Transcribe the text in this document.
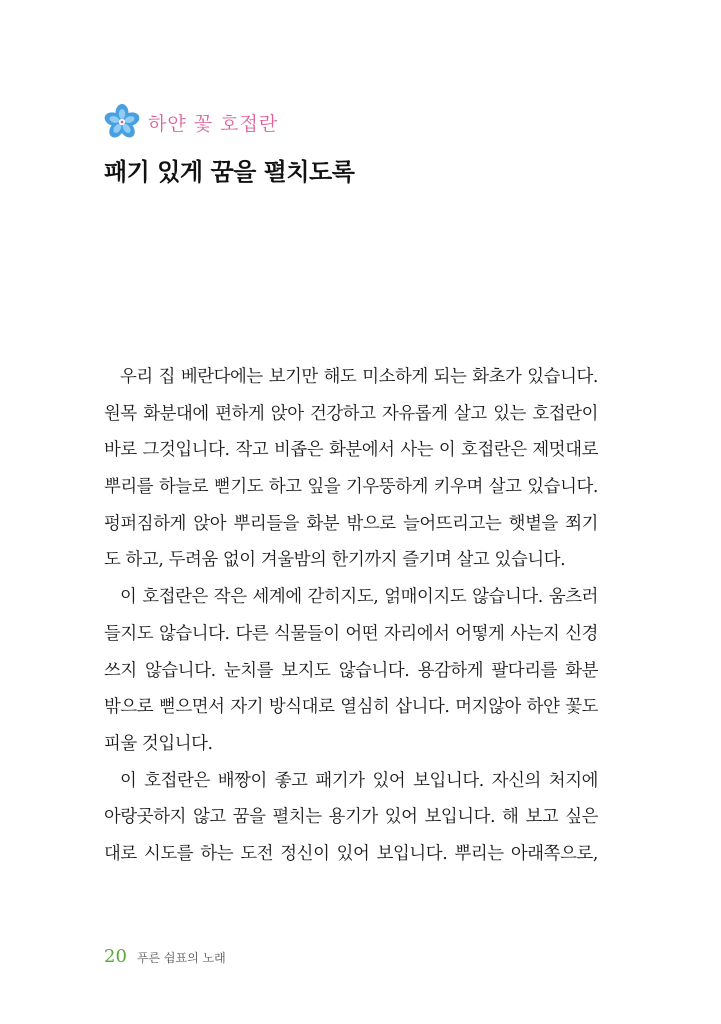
하얀 꽃 호접란
패기 있게 꿈을 펼치도록
우리 집 베란다에는 보기만 해도 미소하게 되는 화초가 있습니다.
원목 화분대에 편하게 앉아 건강하고 자유롭게 살고 있는 호접란이
바로 그것입니다. 작고 비좁은 화분에서 사는 이 호접란은 제멋대로
뿌리를 하늘로 뻗기도 하고 잎을 기우뚱하게 키우며 살고 있습니다.
펑퍼짐하게 앉아 뿌리들을 화분 밖으로 늘어뜨리고는 햇볕을 쬐기
도 하고, 두려움 없이 겨울밤의 한기까지 즐기며 살고 있습니다.
이 호접란은 작은 세계에 갇히지도, 얽매이지도 않습니다. 움츠러
들지도 않습니다. 다른 식물들이 어떤 자리에서 어떻게 사는지 신경
쓰지 않습니다. 눈치를 보지도 않습니다. 용감하게 팔다리를 화분
밖으로 뻗으면서 자기 방식대로 열심히 삽니다. 머지않아 하얀 꽃도
피울 것입니다.
이 호접란은 배짱이 좋고 패기가 있어 보입니다. 자신의 처지에
아랑곳하지 않고 꿈을 펼치는 용기가 있어 보입니다. 해 보고 싶은
대로 시도를 하는 도전 정신이 있어 보입니다. 뿌리는 아래쪽으로,
20 푸른 쉼표의 노래
